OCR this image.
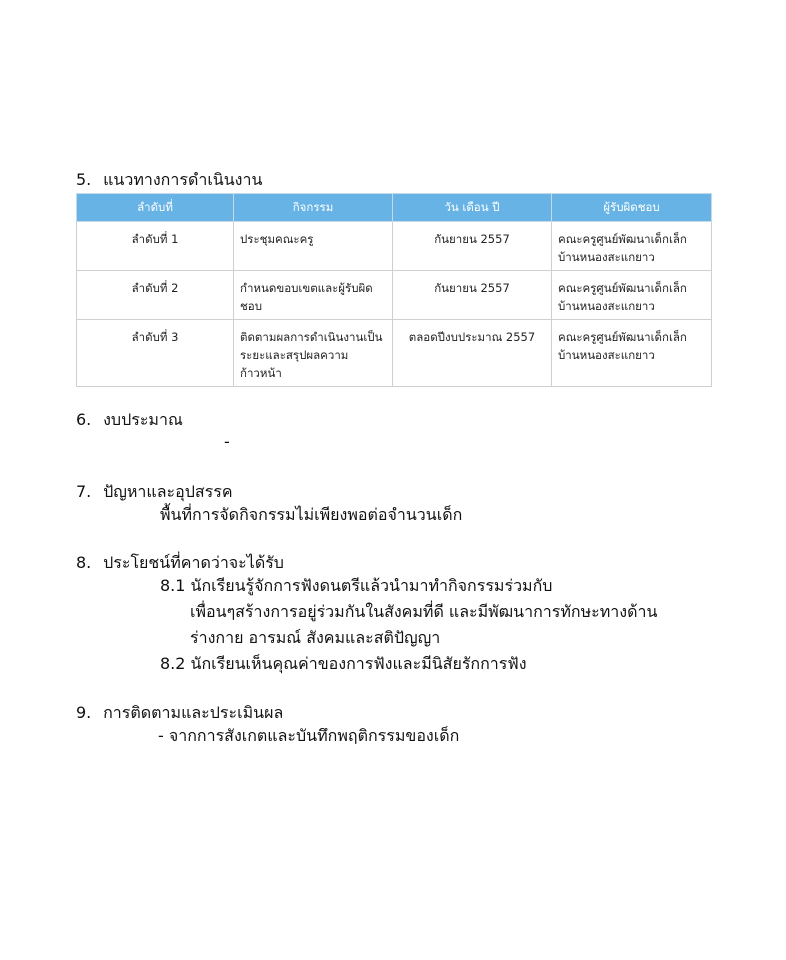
5. แนวทางการดำเนินงาน
ลำดับที่	กิจกรรม	วัน เดือน ปี	ผู้รับผิดชอบ
ลำดับที่ 1	ประชุมคณะครู	กันยายน 2557	คณะครูศูนย์พัฒนาเด็กเล็กบ้านหนองสะแกยาว
ลำดับที่ 2	กำหนดขอบเขตและผู้รับผิดชอบ	กันยายน 2557	คณะครูศูนย์พัฒนาเด็กเล็กบ้านหนองสะแกยาว
ลำดับที่ 3	ติดตามผลการดำเนินงานเป็นระยะและสรุปผลความก้าวหน้า	ตลอดปีงบประมาณ 2557	คณะครูศูนย์พัฒนาเด็กเล็กบ้านหนองสะแกยาว
6. งบประมาณ
-
7. ปัญหาและอุปสรรค
พื้นที่การจัดกิจกรรมไม่เพียงพอต่อจำนวนเด็ก
8. ประโยชน์ที่คาดว่าจะได้รับ
8.1 นักเรียนรู้จักการฟังดนตรีแล้วนำมาทำกิจกรรมร่วมกับ
เพื่อนๆสร้างการอยู่ร่วมกันในสังคมที่ดี และมีพัฒนาการทักษะทางด้าน
ร่างกาย อารมณ์ สังคมและสติปัญญา
8.2 นักเรียนเห็นคุณค่าของการฟังและมีนิสัยรักการฟัง
9. การติดตามและประเมินผล
- จากการสังเกตและบันทึกพฤติกรรมของเด็ก
